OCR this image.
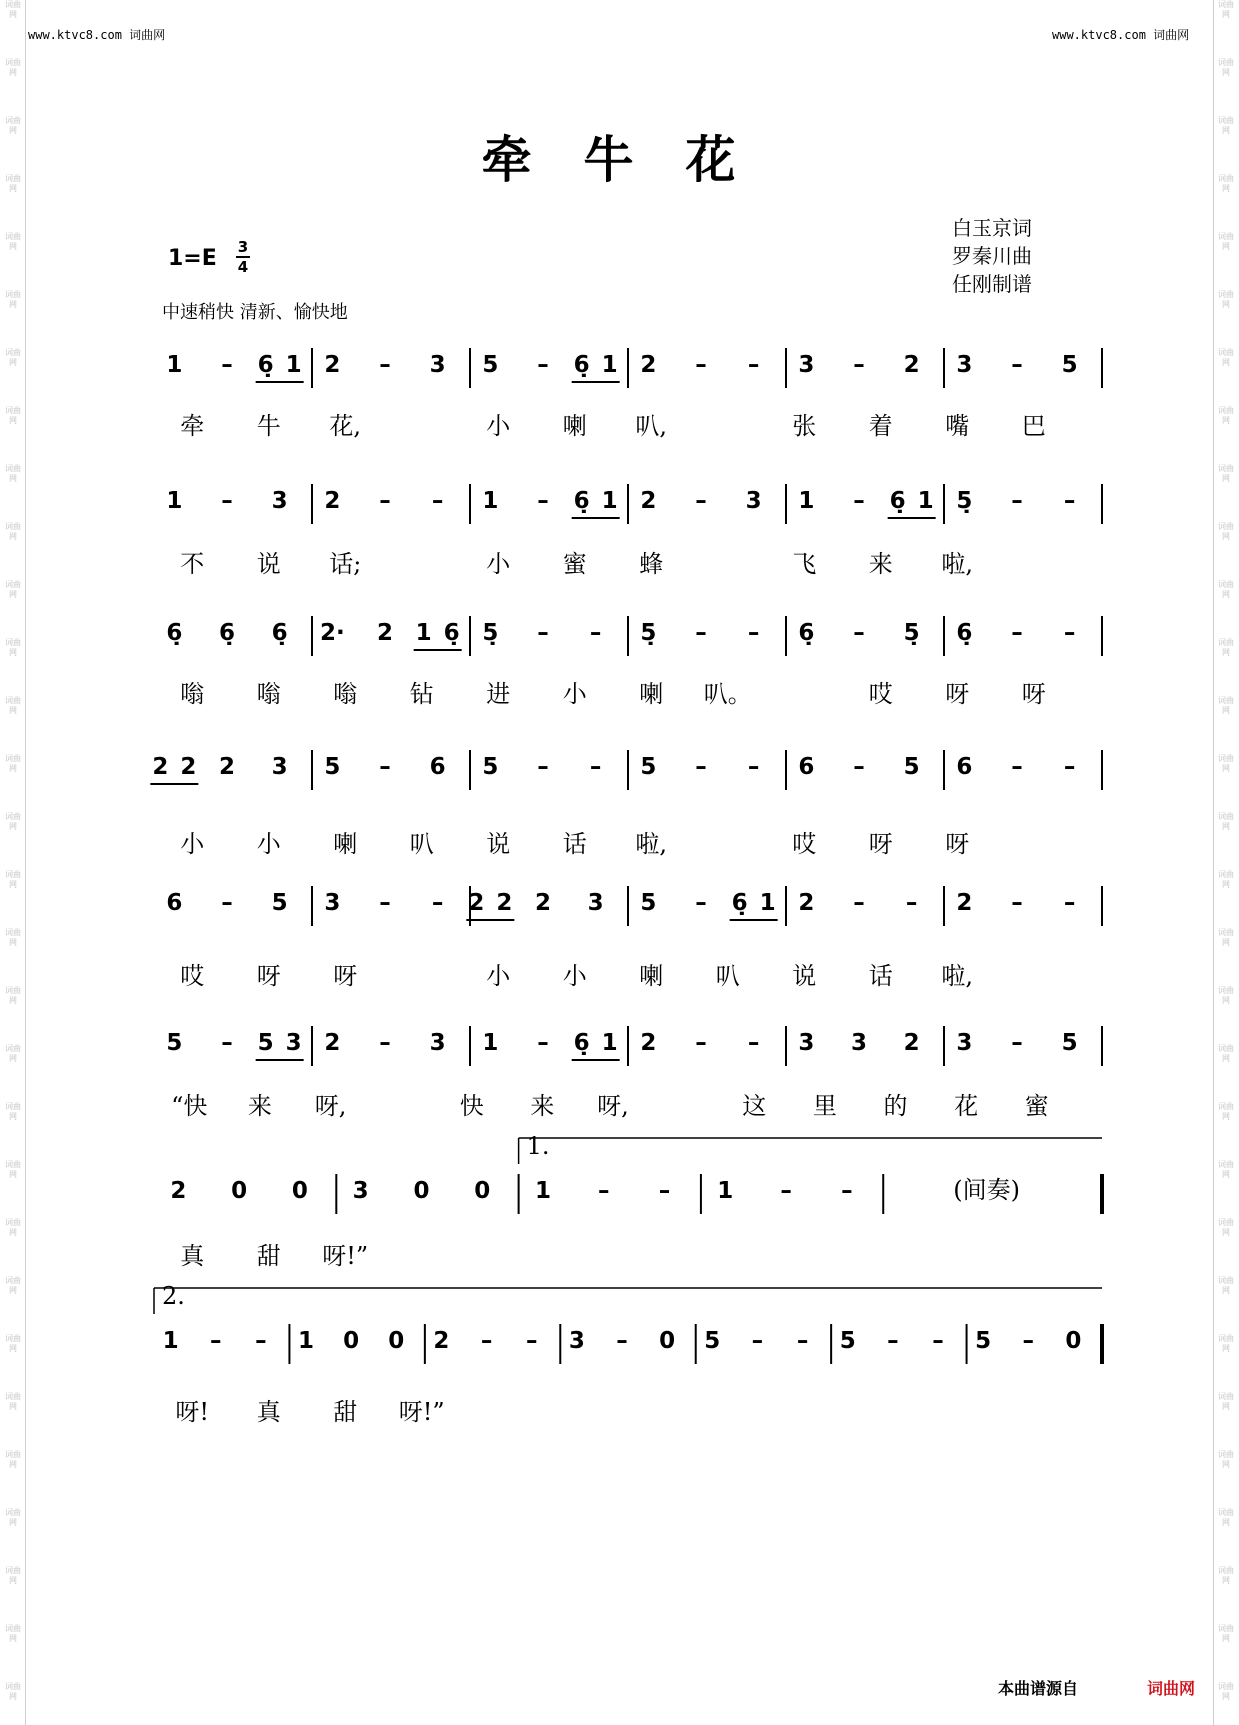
词曲网
词曲网
词曲网
词曲网
词曲网
词曲网
词曲网
词曲网
词曲网
词曲网
词曲网
词曲网
词曲网
词曲网
词曲网
词曲网
词曲网
词曲网
词曲网
词曲网
词曲网
词曲网
词曲网
词曲网
词曲网
词曲网
词曲网
词曲网
词曲网
词曲网
词曲网
词曲网
词曲网
词曲网
词曲网
词曲网
词曲网
词曲网
词曲网
词曲网
词曲网
词曲网
词曲网
词曲网
词曲网
词曲网
词曲网
词曲网
词曲网
词曲网
词曲网
词曲网
词曲网
词曲网
词曲网
词曲网
词曲网
词曲网
词曲网
词曲网
www.ktvc8.com 词曲网	www.ktvc8.com 词曲网
牵牛花
白玉京词
罗秦川曲
任刚制谱
$1=E \frac{3}{4}$
中速稍快 清新、愉快地
1 – 6̣ 1 2 – 3 5 – 6̣ 1 2 – – 3 – 2 3 – 5
牵 牛 花,	小 喇 叭,	张 着 嘴 巴
1 – 3 2 – – 1 – 6̣ 1 2 – 3 1 – 6̣ 1 5̣ – –
不 说 话;	小 蜜 蜂	飞 来 啦,
6̣ 6̣ 6̣ 2· 2 1 6̣ 5̣ – – 5̣ – – 6̣ – 5̣ 6̣ – –
嗡 嗡 嗡 钻 进 小 喇 叭。	哎 呀 呀
2 2 2 3 5 – 6 5 – – 5 – – 6 – 5 6 – –
小 小 喇 叭 说 话 啦,	哎 呀 呀
6 – 5 3 – – 2 2 2 3 5 – 6̣ 1 2 – – 2 – –
哎 呀 呀	小 小 喇 叭 说 话 啦,
5 – 5 3 2 – 3 1 – 6̣ 1 2 – – 3 3 2 3 – 5
“快 来 呀,	快 来 呀,	这 里 的 花 蜜
2 0 0 3 0 0 1 – – 1 – –	(间奏)
1.
真 甜 呀!”
1 – – 1 0 0 2 – – 3 – 0 5 – – 5 – – 5 – 0
2.
呀! 真 甜 呀!”
本曲谱源自	词曲网
